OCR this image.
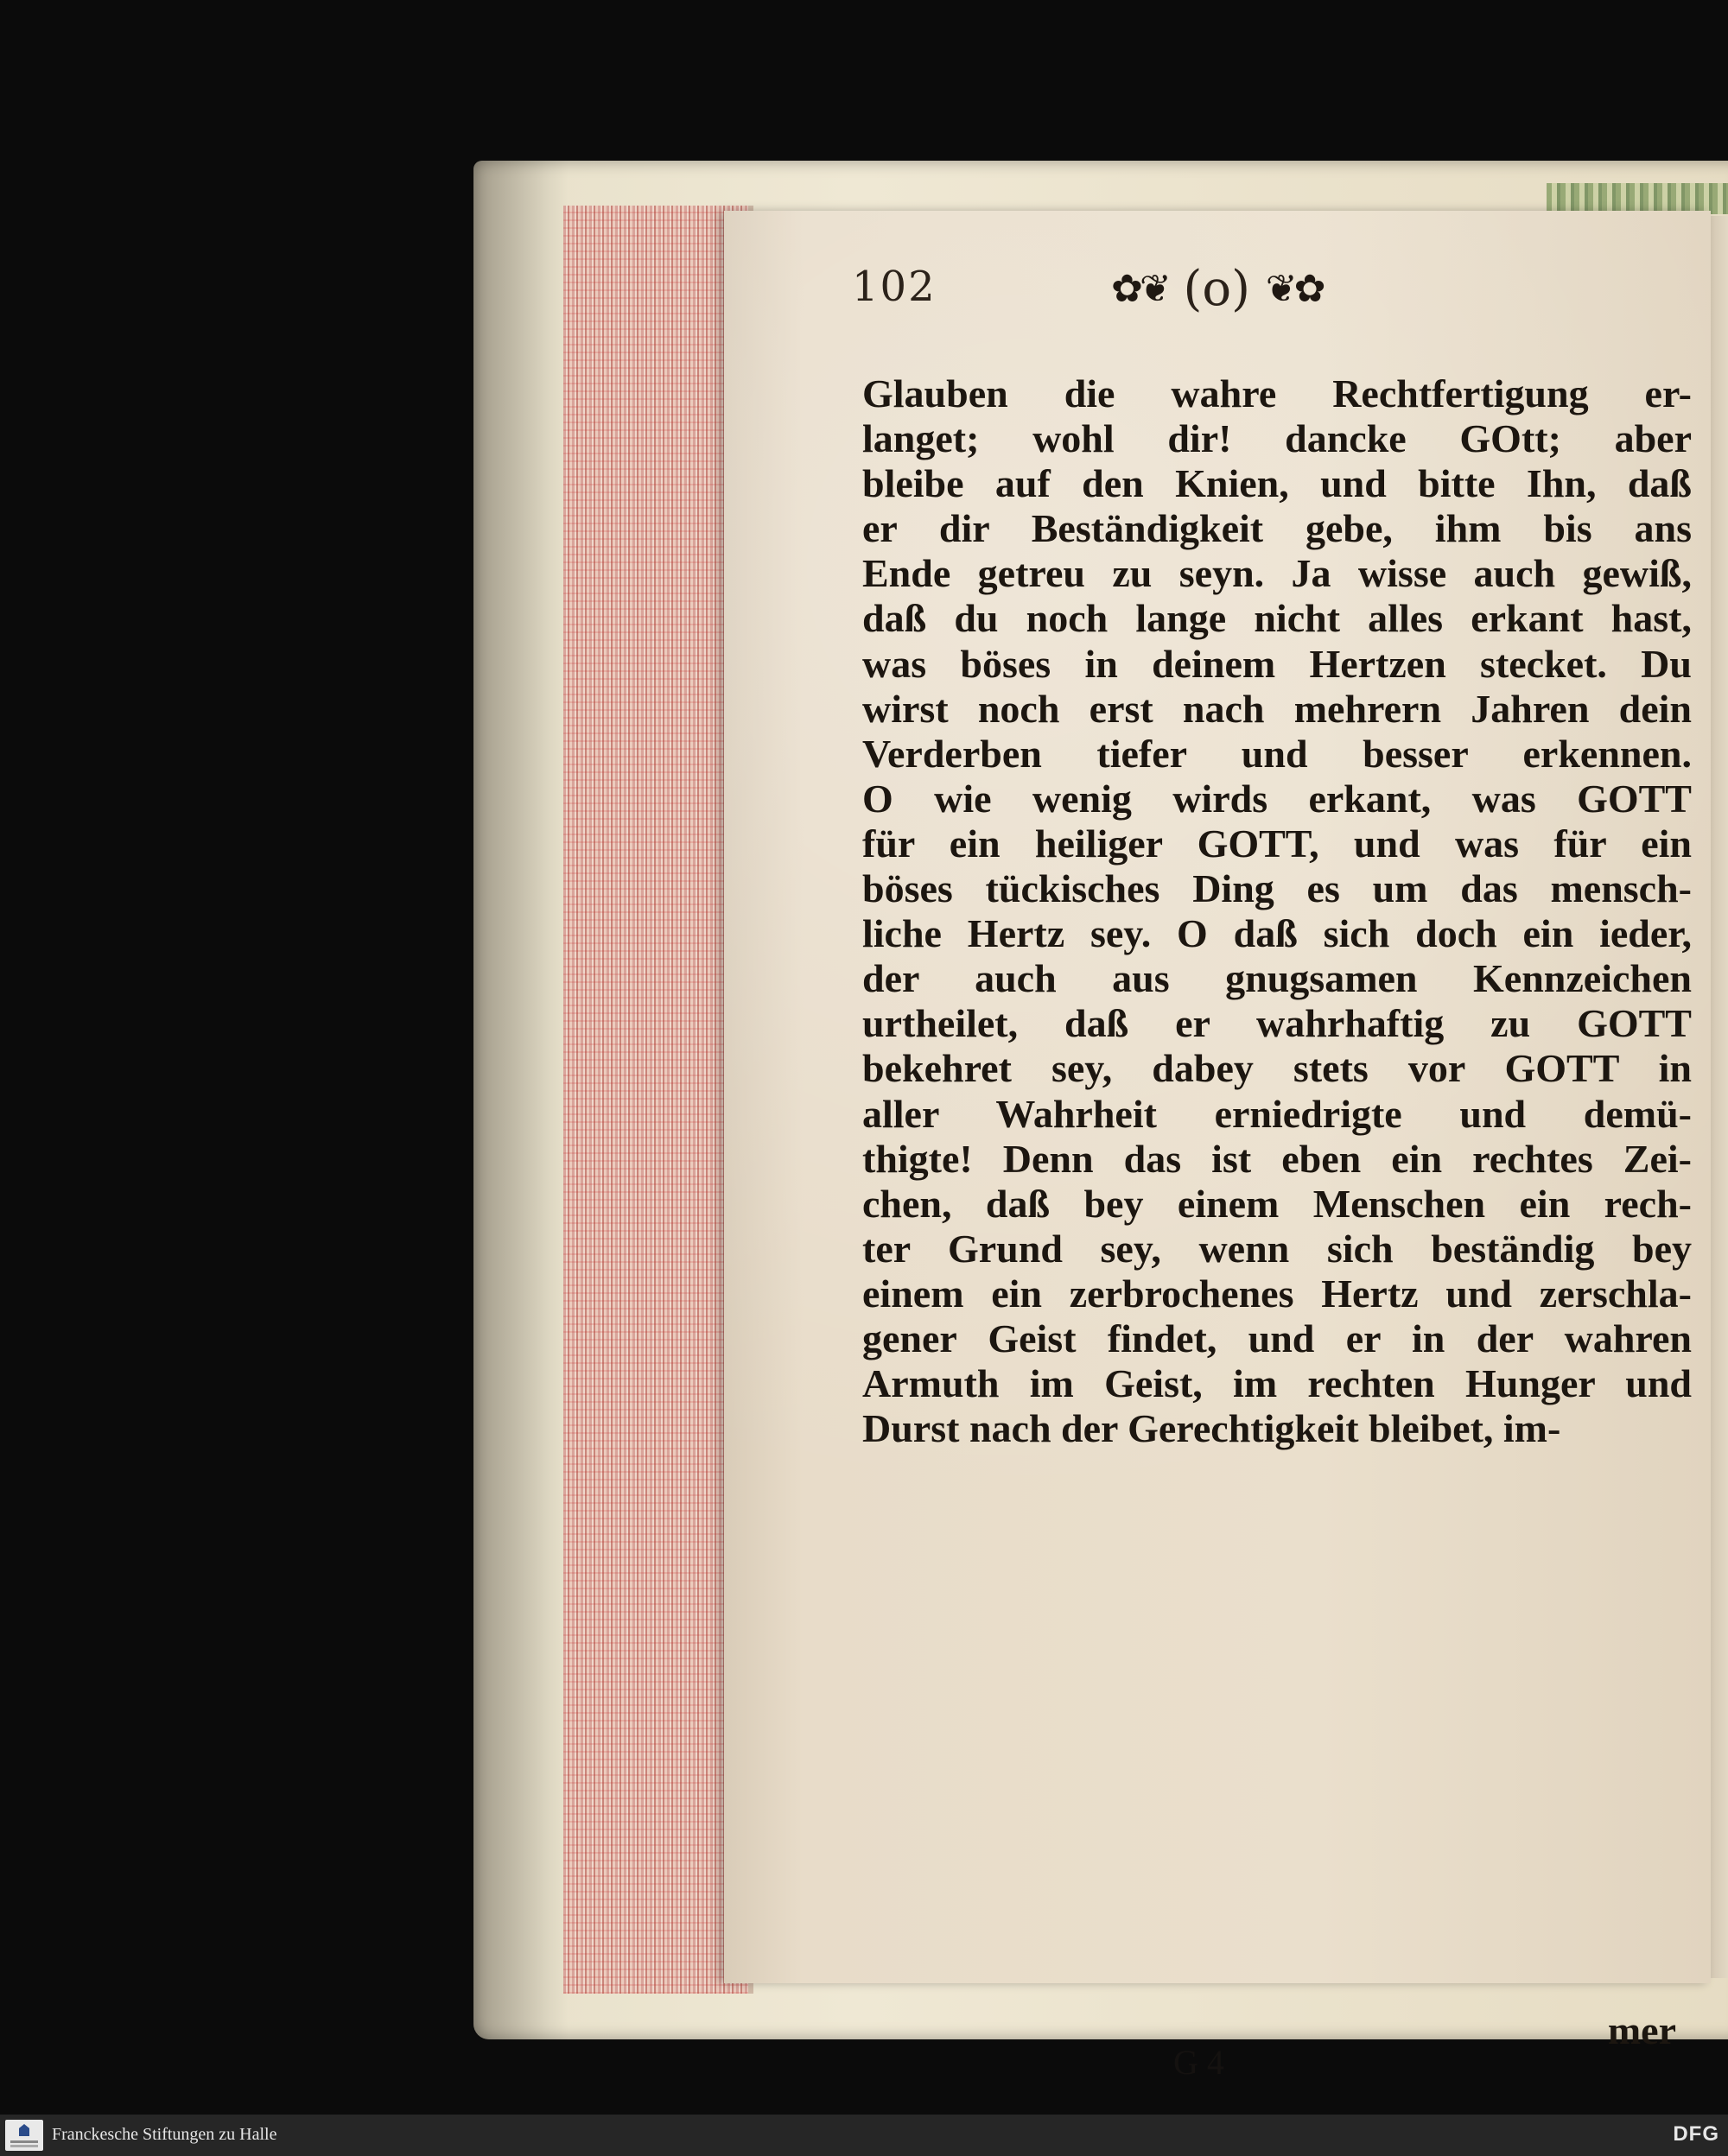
102	✿❦ (o) ❦✿
Glauben die wahre Rechtfertigung er-
langet; wohl dir! dancke GOtt; aber
bleibe auf den Knien, und bitte Ihn, daß
er dir Beständigkeit gebe, ihm bis ans
Ende getreu zu seyn. Ja wisse auch gewiß,
daß du noch lange nicht alles erkant hast,
was böses in deinem Hertzen stecket. Du
wirst noch erst nach mehrern Jahren dein
Verderben tiefer und besser erkennen.
O wie wenig wirds erkant, was GOTT
für ein heiliger GOTT, und was für ein
böses tückisches Ding es um das mensch-
liche Hertz sey. O daß sich doch ein ieder,
der auch aus gnugsamen Kennzeichen
urtheilet, daß er wahrhaftig zu GOTT
bekehret sey, dabey stets vor GOTT in
aller Wahrheit erniedrigte und demü-
thigte! Denn das ist eben ein rechtes Zei-
chen, daß bey einem Menschen ein rech-
ter Grund sey, wenn sich beständig bey
einem ein zerbrochenes Hertz und zerschla-
gener Geist findet, und er in der wahren
Armuth im Geist, im rechten Hunger und
Durst nach der Gerechtigkeit bleibet, im-
G 4
mer
Franckesche Stiftungen zu Halle	DFG
